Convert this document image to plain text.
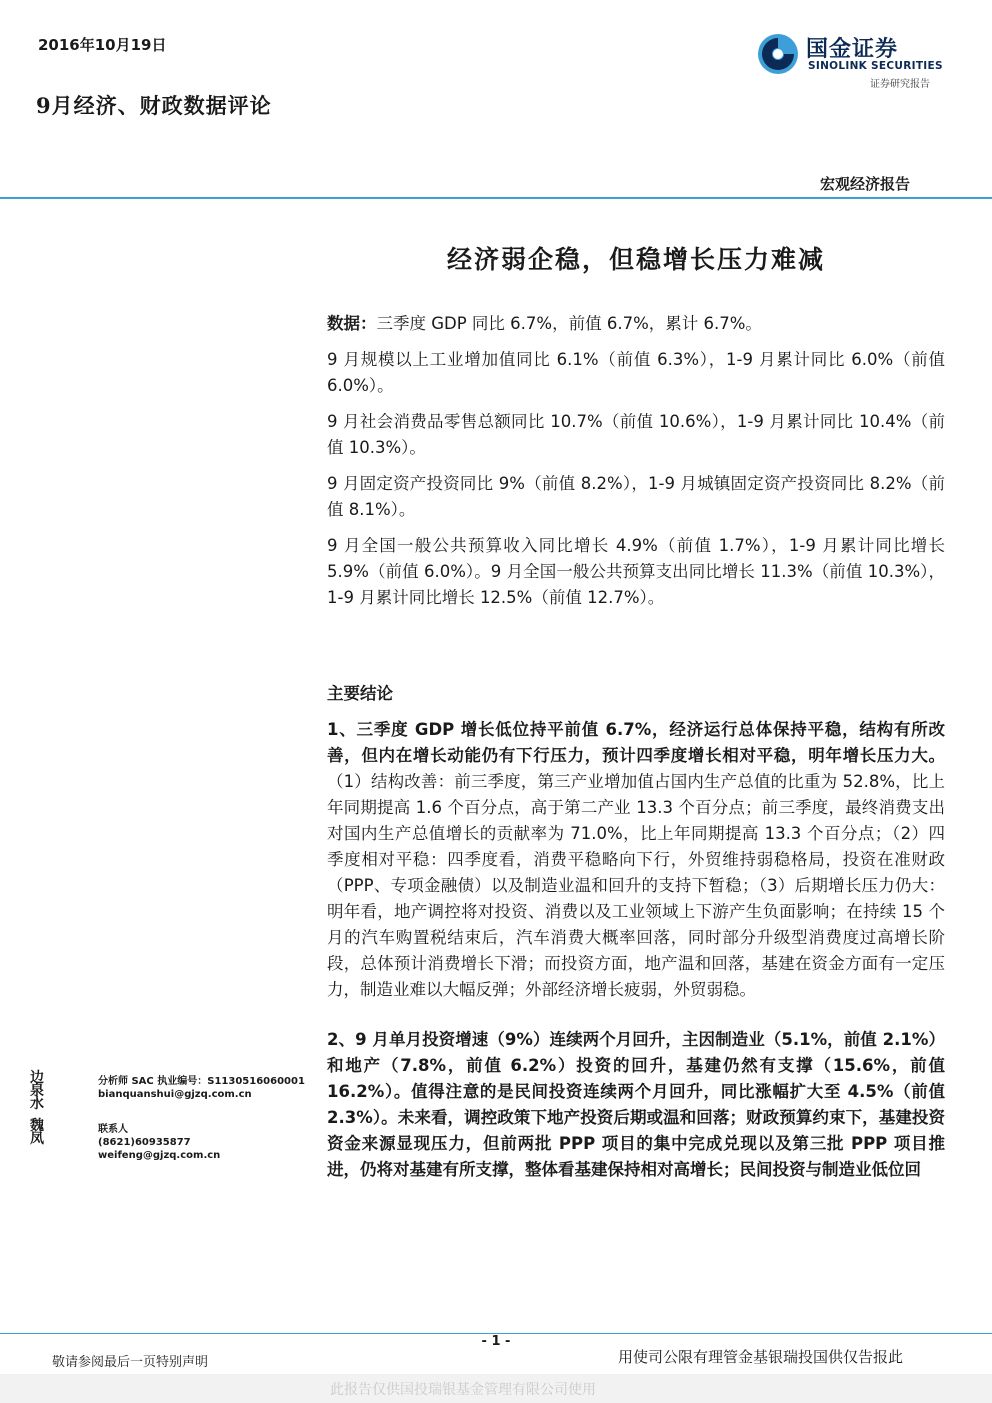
2016年10月19日
9月经济、财政数据评论
国金证券
SINOLINK SECURITIES
证券研究报告
宏观经济报告
经济弱企稳，但稳增长压力难减

数据：三季度 GDP 同比 6.7%，前值 6.7%，累计 6.7%。

9 月规模以上工业增加值同比 6.1%（前值 6.3%），1-9 月累计同比 6.0%（前值 6.0%）。

9 月社会消费品零售总额同比 10.7%（前值 10.6%），1-9 月累计同比 10.4%（前值 10.3%）。

9 月固定资产投资同比 9%（前值 8.2%），1-9 月城镇固定资产投资同比 8.2%（前值 8.1%）。

9 月全国一般公共预算收入同比增长 4.9%（前值 1.7%），1-9 月累计同比增长 5.9%（前值 6.0%）。9 月全国一般公共预算支出同比增长 11.3%（前值 10.3%），1-9 月累计同比增长 12.5%（前值 12.7%）。

主要结论

1、三季度 GDP 增长低位持平前值 6.7%，经济运行总体保持平稳，结构有所改善，但内在增长动能仍有下行压力，预计四季度增长相对平稳，明年增长压力大。（1）结构改善：前三季度，第三产业增加值占国内生产总值的比重为 52.8%，比上年同期提高 1.6 个百分点，高于第二产业 13.3 个百分点；前三季度，最终消费支出对国内生产总值增长的贡献率为 71.0%，比上年同期提高 13.3 个百分点；（2）四季度相对平稳：四季度看，消费平稳略向下行，外贸维持弱稳格局，投资在准财政（PPP、专项金融债）以及制造业温和回升的支持下暂稳；（3）后期增长压力仍大：明年看，地产调控将对投资、消费以及工业领域上下游产生负面影响；在持续 15 个月的汽车购置税结束后，汽车消费大概率回落，同时部分升级型消费度过高增长阶段，总体预计消费增长下滑；而投资方面，地产温和回落，基建在资金方面有一定压力，制造业难以大幅反弹；外部经济增长疲弱，外贸弱稳。

2、9 月单月投资增速（9%）连续两个月回升，主因制造业（5.1%，前值 2.1%）和地产（7.8%，前值 6.2%）投资的回升，基建仍然有支撑（15.6%，前值 16.2%）。值得注意的是民间投资连续两个月回升，同比涨幅扩大至 4.5%（前值 2.3%）。未来看，调控政策下地产投资后期或温和回落；财政预算约束下，基建投资资金来源显现压力，但前两批 PPP 项目的集中完成兑现以及第三批 PPP 项目推进，仍将对基建有所支撑，整体看基建保持相对高增长；民间投资与制造业低位回

边泉水
分析师 SAC 执业编号：S1130516060001
bianquanshui@gjzq.com.cn
魏凤
联系人
(8621)60935877
weifeng@gjzq.com.cn
- 1 -
敬请参阅最后一页特别声明	用使司公限有理管金基银瑞投国供仅告报此
此报告仅供国投瑞银基金管理有限公司使用
